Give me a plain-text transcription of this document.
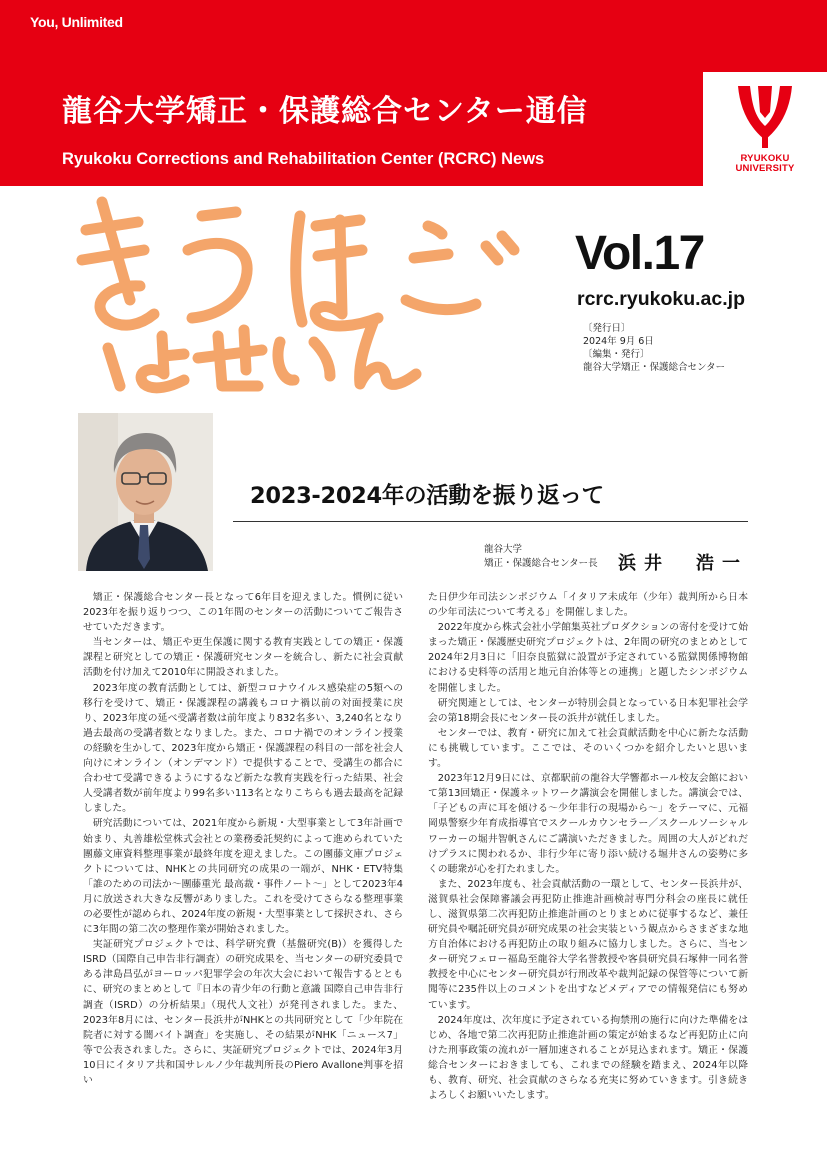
You, Unlimited
龍谷大学矯正・保護総合センター通信
Ryukoku Corrections and Rehabilitation Center (RCRC) News	RYUKOKU
UNIVERSITY
Vol.17
rcrc.ryukoku.ac.jp
〔発行日〕
2024年 9月 6日
〔編集・発行〕
龍谷大学矯正・保護総合センター
2023-2024年の活動を振り返って
龍谷大学
矯正・保護総合センター長 浜井　浩一

矯正・保護総合センター長となって6年目を迎えました。慣例に従い2023年を振り返りつつ、この1年間のセンターの活動についてご報告させていただきます。

当センターは、矯正や更生保護に関する教育実践としての矯正・保護課程と研究としての矯正・保護研究センターを統合し、新たに社会貢献活動を付け加えて2010年に開設されました。

2023年度の教育活動としては、新型コロナウイルス感染症の5類への移行を受けて、矯正・保護課程の講義もコロナ禍以前の対面授業に戻り、2023年度の延べ受講者数は前年度より832名多い、3,240名となり過去最高の受講者数となりました。また、コロナ禍でのオンライン授業の経験を生かして、2023年度から矯正・保護課程の科目の一部を社会人向けにオンライン（オンデマンド）で提供することで、受講生の都合に合わせて受講できるようにするなど新たな教育実践を行った結果、社会人受講者数が前年度より99名多い113名となりこちらも過去最高を記録しました。

研究活動については、2021年度から新規・大型事業として3年計画で始まり、丸善雄松堂株式会社との業務委託契約によって進められていた團藤文庫資料整理事業が最終年度を迎えました。この團藤文庫プロジェクトについては、NHKとの共同研究の成果の一端が、NHK・ETV特集「誰のための司法か～團藤重光 最高裁・事件ノート～」として2023年4月に放送され大きな反響がありました。これを受けてさらなる整理事業の必要性が認められ、2024年度の新規・大型事業として採択され、さらに3年間の第二次の整理作業が開始されました。

実証研究プロジェクトでは、科学研究費（基盤研究(B)）を獲得したISRD（国際自己申告非行調査）の研究成果を、当センターの研究委員である津島昌弘がヨーロッパ犯罪学会の年次大会において報告するとともに、研究のまとめとして『日本の青少年の行動と意識 国際自己申告非行調査（ISRD）の分析結果』（現代人文社）が発刊されました。また、2023年8月には、センター長浜井がNHKとの共同研究として「少年院在院者に対する闇バイト調査」を実施し、その結果がNHK「ニュース7」等で公表されました。さらに、実証研究プロジェクトでは、2024年3月10日にイタリア共和国サレルノ少年裁判所長のPiero Avallone判事を招い

た日伊少年司法シンポジウム「イタリア未成年（少年）裁判所から日本の少年司法について考える」を開催しました。

2022年度から株式会社小学館集英社プロダクションの寄付を受けて始まった矯正・保護歴史研究プロジェクトは、2年間の研究のまとめとして2024年2月3日に「旧奈良監獄に設置が予定されている監獄関係博物館における史料等の活用と地元自治体等との連携」と題したシンポジウムを開催しました。

研究関連としては、センターが特別会員となっている日本犯罪社会学会の第18期会長にセンター長の浜井が就任しました。

センターでは、教育・研究に加えて社会貢献活動を中心に新たな活動にも挑戦しています。ここでは、そのいくつかを紹介したいと思います。

2023年12月9日には、京都駅前の龍谷大学響都ホール校友会館において第13回矯正・保護ネットワーク講演会を開催しました。講演会では、「子どもの声に耳を傾ける～少年非行の現場から～」をテーマに、元福岡県警察少年育成指導官でスクールカウンセラー／スクールソーシャルワーカーの堀井智帆さんにご講演いただきました。周囲の大人がどれだけプラスに関われるか、非行少年に寄り添い続ける堀井さんの姿勢に多くの聴衆が心を打たれました。

また、2023年度も、社会貢献活動の一環として、センター長浜井が、滋賀県社会保障審議会再犯防止推進計画検討専門分科会の座長に就任し、滋賀県第二次再犯防止推進計画のとりまとめに従事するなど、兼任研究員や嘱託研究員が研究成果の社会実装という観点からさまざまな地方自治体における再犯防止の取り組みに協力しました。さらに、当センター研究フェロー福島至龍谷大学名誉教授や客員研究員石塚伸一同名誉教授を中心にセンター研究員が行刑改革や裁判記録の保管等について新聞等に235件以上のコメントを出すなどメディアでの情報発信にも努めています。

2024年度は、次年度に予定されている拘禁刑の施行に向けた準備をはじめ、各地で第二次再犯防止推進計画の策定が始まるなど再犯防止に向けた刑事政策の流れが一層加速されることが見込まれます。矯正・保護総合センターにおきましても、これまでの経験を踏まえ、2024年以降も、教育、研究、社会貢献のさらなる充実に努めていきます。引き続きよろしくお願いいたします。
